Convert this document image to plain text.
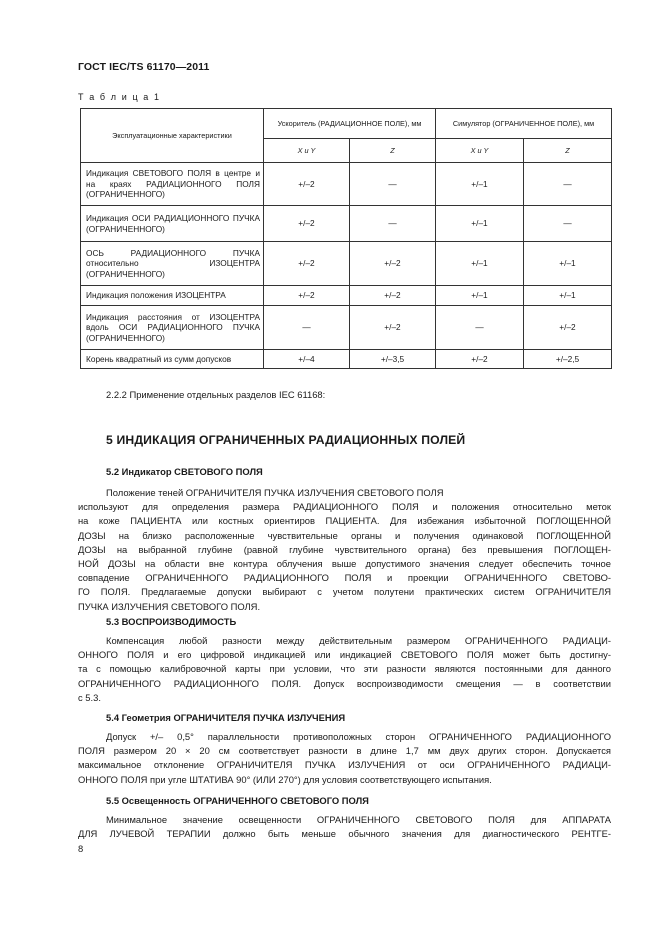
ГОСТ IEC/TS 61170—2011
Т а б л и ц а 1
Эксплуатационные характеристики	Ускоритель (РАДИАЦИОННОЕ ПОЛЕ), мм		Симулятор (ОГРАНИЧЕННОЕ ПОЛЕ), мм	
	X и Y	Z	X и Y	Z
Индикация СВЕТОВОГО ПОЛЯ в центре и на краях РАДИАЦИОННОГО ПОЛЯ (ОГРАНИЧЕННОГО)	+/–2	—	+/–1	—
Индикация ОСИ РАДИАЦИОННОГО ПУЧКА (ОГРАНИЧЕННОГО)	+/–2	—	+/–1	—
ОСЬ РАДИАЦИОННОГО ПУЧКА относительно ИЗОЦЕНТРА (ОГРАНИЧЕННОГО)	+/–2	+/–2	+/–1	+/–1
Индикация положения ИЗОЦЕНТРА	+/–2	+/–2	+/–1	+/–1
Индикация расстояния от ИЗОЦЕНТРА вдоль ОСИ РАДИАЦИОННОГО ПУЧКА (ОГРАНИЧЕННОГО)	—	+/–2	—	+/–2
Корень квадратный из сумм допусков	+/–4	+/–3,5	+/–2	+/–2,5
2.2.2 Применение отдельных разделов IEC 61168:
5 ИНДИКАЦИЯ ОГРАНИЧЕННЫХ РАДИАЦИОННЫХ ПОЛЕЙ
5.2 Индикатор СВЕТОВОГО ПОЛЯ
Положение теней ОГРАНИЧИТЕЛЯ ПУЧКА ИЗЛУЧЕНИЯ СВЕТОВОГО ПОЛЯ
используют для определения размера РАДИАЦИОННОГО ПОЛЯ и положения относительно меток
на коже ПАЦИЕНТА или костных ориентиров ПАЦИЕНТА. Для избежания избыточной ПОГЛОЩЕННОЙ
ДОЗЫ на близко расположенные чувствительные органы и получения одинаковой ПОГЛОЩЕННОЙ
ДОЗЫ на выбранной глубине (равной глубине чувствительного органа) без превышения ПОГЛОЩЕН-
НОЙ ДОЗЫ на области вне контура облучения выше допустимого значения следует обеспечить точное
совпадение ОГРАНИЧЕННОГО РАДИАЦИОННОГО ПОЛЯ и проекции ОГРАНИЧЕННОГО СВЕТОВО-
ГО ПОЛЯ. Предлагаемые допуски выбирают с учетом полутени практических систем ОГРАНИЧИТЕЛЯ
ПУЧКА ИЗЛУЧЕНИЯ СВЕТОВОГО ПОЛЯ.
5.3 ВОСПРОИЗВОДИМОСТЬ
Компенсация любой разности между действительным размером ОГРАНИЧЕННОГО РАДИАЦИ-
ОННОГО ПОЛЯ и его цифровой индикацией или индикацией СВЕТОВОГО ПОЛЯ может быть достигну-
та с помощью калибровочной карты при условии, что эти разности являются постоянными для данного
ОГРАНИЧЕННОГО РАДИАЦИОННОГО ПОЛЯ. Допуск воспроизводимости смещения — в соответствии
с 5.3.
5.4 Геометрия ОГРАНИЧИТЕЛЯ ПУЧКА ИЗЛУЧЕНИЯ
Допуск +/– 0,5° параллельности противоположных сторон ОГРАНИЧЕННОГО РАДИАЦИОННОГО
ПОЛЯ размером 20 × 20 см соответствует разности в длине 1,7 мм двух других сторон. Допускается
максимальное отклонение ОГРАНИЧИТЕЛЯ ПУЧКА ИЗЛУЧЕНИЯ от оси ОГРАНИЧЕННОГО РАДИАЦИ-
ОННОГО ПОЛЯ при угле ШТАТИВА 90° (ИЛИ 270°) для условия соответствующего испытания.
5.5 Освещенность ОГРАНИЧЕННОГО СВЕТОВОГО ПОЛЯ
Минимальное значение освещенности ОГРАНИЧЕННОГО СВЕТОВОГО ПОЛЯ для АППАРАТА
ДЛЯ ЛУЧЕВОЙ ТЕРАПИИ должно быть меньше обычного значения для диагностического РЕНТГЕ-
8
